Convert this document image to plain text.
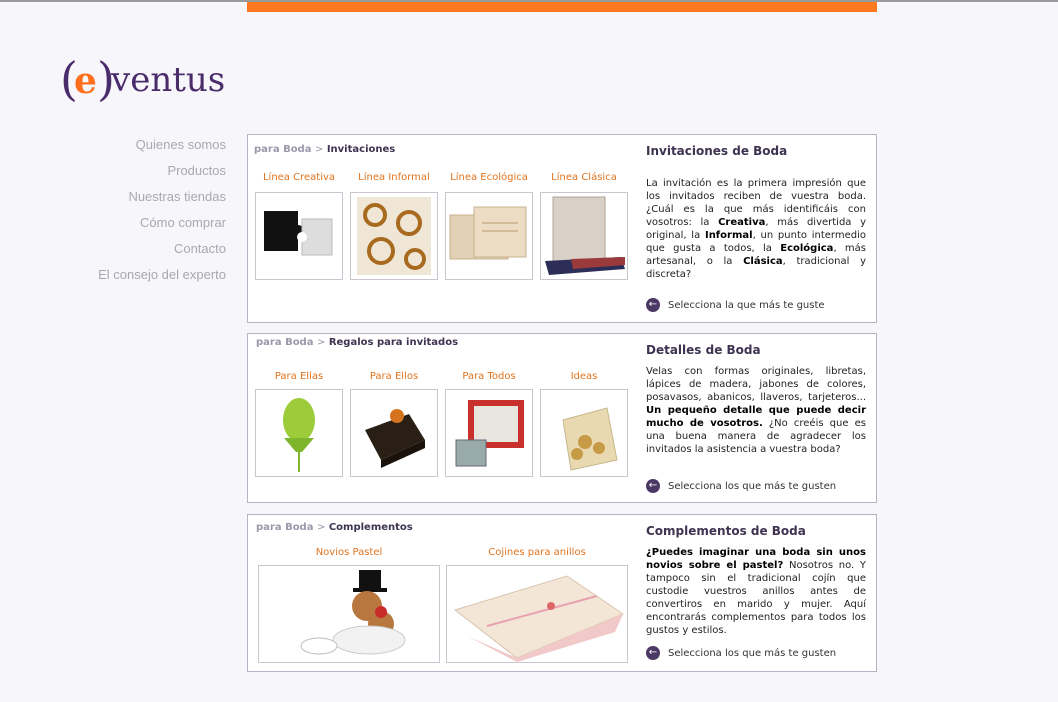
(
e )
ventus
Quienes somos
Productos
Nuestras tiendas
Cómo comprar
Contacto
El consejo del experto
para Boda > Invitaciones
Línea Creativa	Línea Informal	Línea Ecológica	Línea Clásica
Invitaciones de Boda

La invitación es la primera impresión que los invitados reciben de vuestra boda. ¿Cuál es la que más identificáis con vosotros: la Creativa, más divertida y original, la Informal, un punto intermedio que gusta a todos, la Ecológica, más artesanal, o la Clásica, tradicional y discreta?

← Selecciona la que más te guste
para Boda > Regalos para invitados
Para Ellas	Para Ellos	Para Todos	Ideas
Detalles de Boda

Velas con formas originales, libretas, lápices de madera, jabones de colores, posavasos, abanicos, llaveros, tarjeteros... Un pequeño detalle que puede decir mucho de vosotros. ¿No creéis que es una buena manera de agradecer los invitados la asistencia a vuestra boda?

← Selecciona los que más te gusten
para Boda > Complementos
Novios Pastel	Cojines para anillos
Complementos de Boda

¿Puedes imaginar una boda sin unos novios sobre el pastel? Nosotros no. Y tampoco sin el tradicional cojín que custodie vuestros anillos antes de convertiros en marido y mujer. Aquí encontrarás complementos para todos los gustos y estilos.

← Selecciona los que más te gusten
